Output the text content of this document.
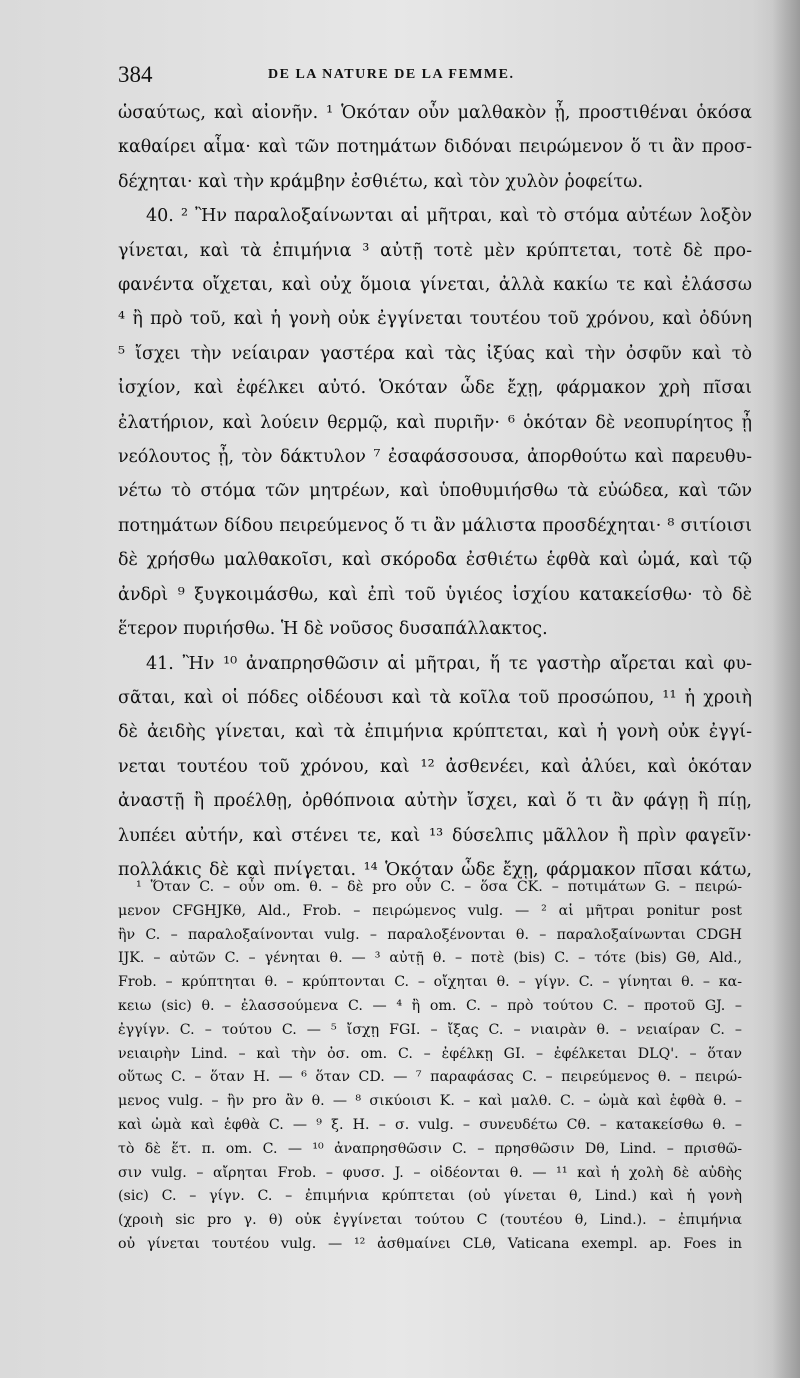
384	DE LA NATURE DE LA FEMME.
ὡσαύτως, καὶ αἰονῆν. ¹ Ὁκόταν οὖν μαλθακὸν ᾖ, προστιθέναι ὁκόσα
καθαίρει αἷμα· καὶ τῶν ποτημάτων διδόναι πειρώμενον ὅ τι ἂν προσ-
δέχηται· καὶ τὴν κράμβην ἐσθιέτω, καὶ τὸν χυλὸν ῥοφείτω.
40. ² Ἢν παραλοξαίνωνται αἱ μῆτραι, καὶ τὸ στόμα αὐτέων λοξὸν
γίνεται, καὶ τὰ ἐπιμήνια ³ αὐτῇ τοτὲ μὲν κρύπτεται, τοτὲ δὲ προ-
φανέντα οἴχεται, καὶ οὐχ ὅμοια γίνεται, ἀλλὰ κακίω τε καὶ ἐλάσσω
⁴ ἢ πρὸ τοῦ, καὶ ἡ γονὴ οὐκ ἐγγίνεται τουτέου τοῦ χρόνου, καὶ ὀδύνη
⁵ ἴσχει τὴν νείαιραν γαστέρα καὶ τὰς ἰξύας καὶ τὴν ὀσφῦν καὶ τὸ
ἰσχίον, καὶ ἐφέλκει αὐτό. Ὁκόταν ὧδε ἔχῃ, φάρμακον χρὴ πῖσαι
ἐλατήριον, καὶ λούειν θερμῷ, καὶ πυριῆν· ⁶ ὁκόταν δὲ νεοπυρίητος ᾖ
νεόλουτος ᾖ, τὸν δάκτυλον ⁷ ἐσαφάσσουσα, ἀπορθούτω καὶ παρευθυ-
νέτω τὸ στόμα τῶν μητρέων, καὶ ὑποθυμιήσθω τὰ εὐώδεα, καὶ τῶν
ποτημάτων δίδου πειρεύμενος ὅ τι ἂν μάλιστα προσδέχηται· ⁸ σιτίοισι
δὲ χρήσθω μαλθακοῖσι, καὶ σκόροδα ἐσθιέτω ἑφθὰ καὶ ὠμά, καὶ τῷ
ἀνδρὶ ⁹ ξυγκοιμάσθω, καὶ ἐπὶ τοῦ ὑγιέος ἰσχίου κατακείσθω· τὸ δὲ
ἕτερον πυριήσθω. Ἡ δὲ νοῦσος δυσαπάλλακτος.
41. Ἢν ¹⁰ ἀναπρησθῶσιν αἱ μῆτραι, ἥ τε γαστὴρ αἴρεται καὶ φυ-
σᾶται, καὶ οἱ πόδες οἰδέουσι καὶ τὰ κοῖλα τοῦ προσώπου, ¹¹ ἡ χροιὴ
δὲ ἀειδὴς γίνεται, καὶ τὰ ἐπιμήνια κρύπτεται, καὶ ἡ γονὴ οὐκ ἐγγί-
νεται τουτέου τοῦ χρόνου, καὶ ¹² ἀσθενέει, καὶ ἀλύει, καὶ ὁκόταν
ἀναστῇ ἢ προέλθῃ, ὀρθόπνοια αὐτὴν ἴσχει, καὶ ὅ τι ἂν φάγῃ ἢ πίῃ,
λυπέει αὐτήν, καὶ στένει τε, καὶ ¹³ δύσελπις μᾶλλον ἢ πρὶν φαγεῖν·
πολλάκις δὲ καὶ πνίγεται. ¹⁴ Ὁκόταν ὧδε ἔχῃ, φάρμακον πῖσαι κάτω,
¹ Ὅταν C. – οὖν om. θ. – δὲ pro οὖν C. – ὅσα CK. – ποτιμάτων G. – πειρώ-
μενον CFGHJKθ, Ald., Frob. – πειρώμενος vulg. — ² αἱ μῆτραι ponitur post
ἢν C. – παραλοξαίνονται vulg. – παραλοξένονται θ. – παραλοξαίνωνται CDGH
IJK. – αὐτῶν C. – γένηται θ. — ³ αὐτῇ θ. – ποτὲ (bis) C. – τότε (bis) Gθ, Ald.,
Frob. – κρύπτηται θ. – κρύπτονται C. – οἴχηται θ. – γίγν. C. – γίνηται θ. – κα-
κειω (sic) θ. – ἐλασσούμενα C. — ⁴ ἢ om. C. – πρὸ τούτου C. – προτοῦ GJ. –
ἐγγίγν. C. – τούτου C. — ⁵ ἴσχῃ FGI. – ἴξας C. – νιαιρὰν θ. – νειαίραν C. –
νειαιρὴν Lind. – καὶ τὴν ὀσ. om. C. – ἐφέλκῃ GI. – ἐφέλκεται DLQ'. – ὅταν
οὕτως C. – ὅταν H. — ⁶ ὅταν CD. — ⁷ παραφάσας C. – πειρεύμενος θ. – πειρώ-
μενος vulg. – ἢν pro ἂν θ. — ⁸ σικύοισι K. – καὶ μαλθ. C. – ὠμὰ καὶ ἑφθὰ θ. –
καὶ ὠμὰ καὶ ἑφθὰ C. — ⁹ ξ. H. – σ. vulg. – συνευδέτω Cθ. – κατακείσθω θ. –
τὸ δὲ ἕτ. π. om. C. — ¹⁰ ἀναπρησθῶσιν C. – πρησθῶσιν Dθ, Lind. – πρισθῶ-
σιν vulg. – αἴρηται Frob. – φυσσ. J. – οἰδέονται θ. — ¹¹ καὶ ἡ χολὴ δὲ αὐδὴς
(sic) C. – γίγν. C. – ἐπιμήνια κρύπτεται (οὐ γίνεται θ, Lind.) καὶ ἡ γονὴ
(χροιὴ sic pro γ. θ) οὐκ ἐγγίνεται τούτου C (τουτέου θ, Lind.). – ἐπιμήνια
οὐ γίνεται τουτέου vulg. — ¹² ἀσθμαίνει CLθ, Vaticana exempl. ap. Foes in
